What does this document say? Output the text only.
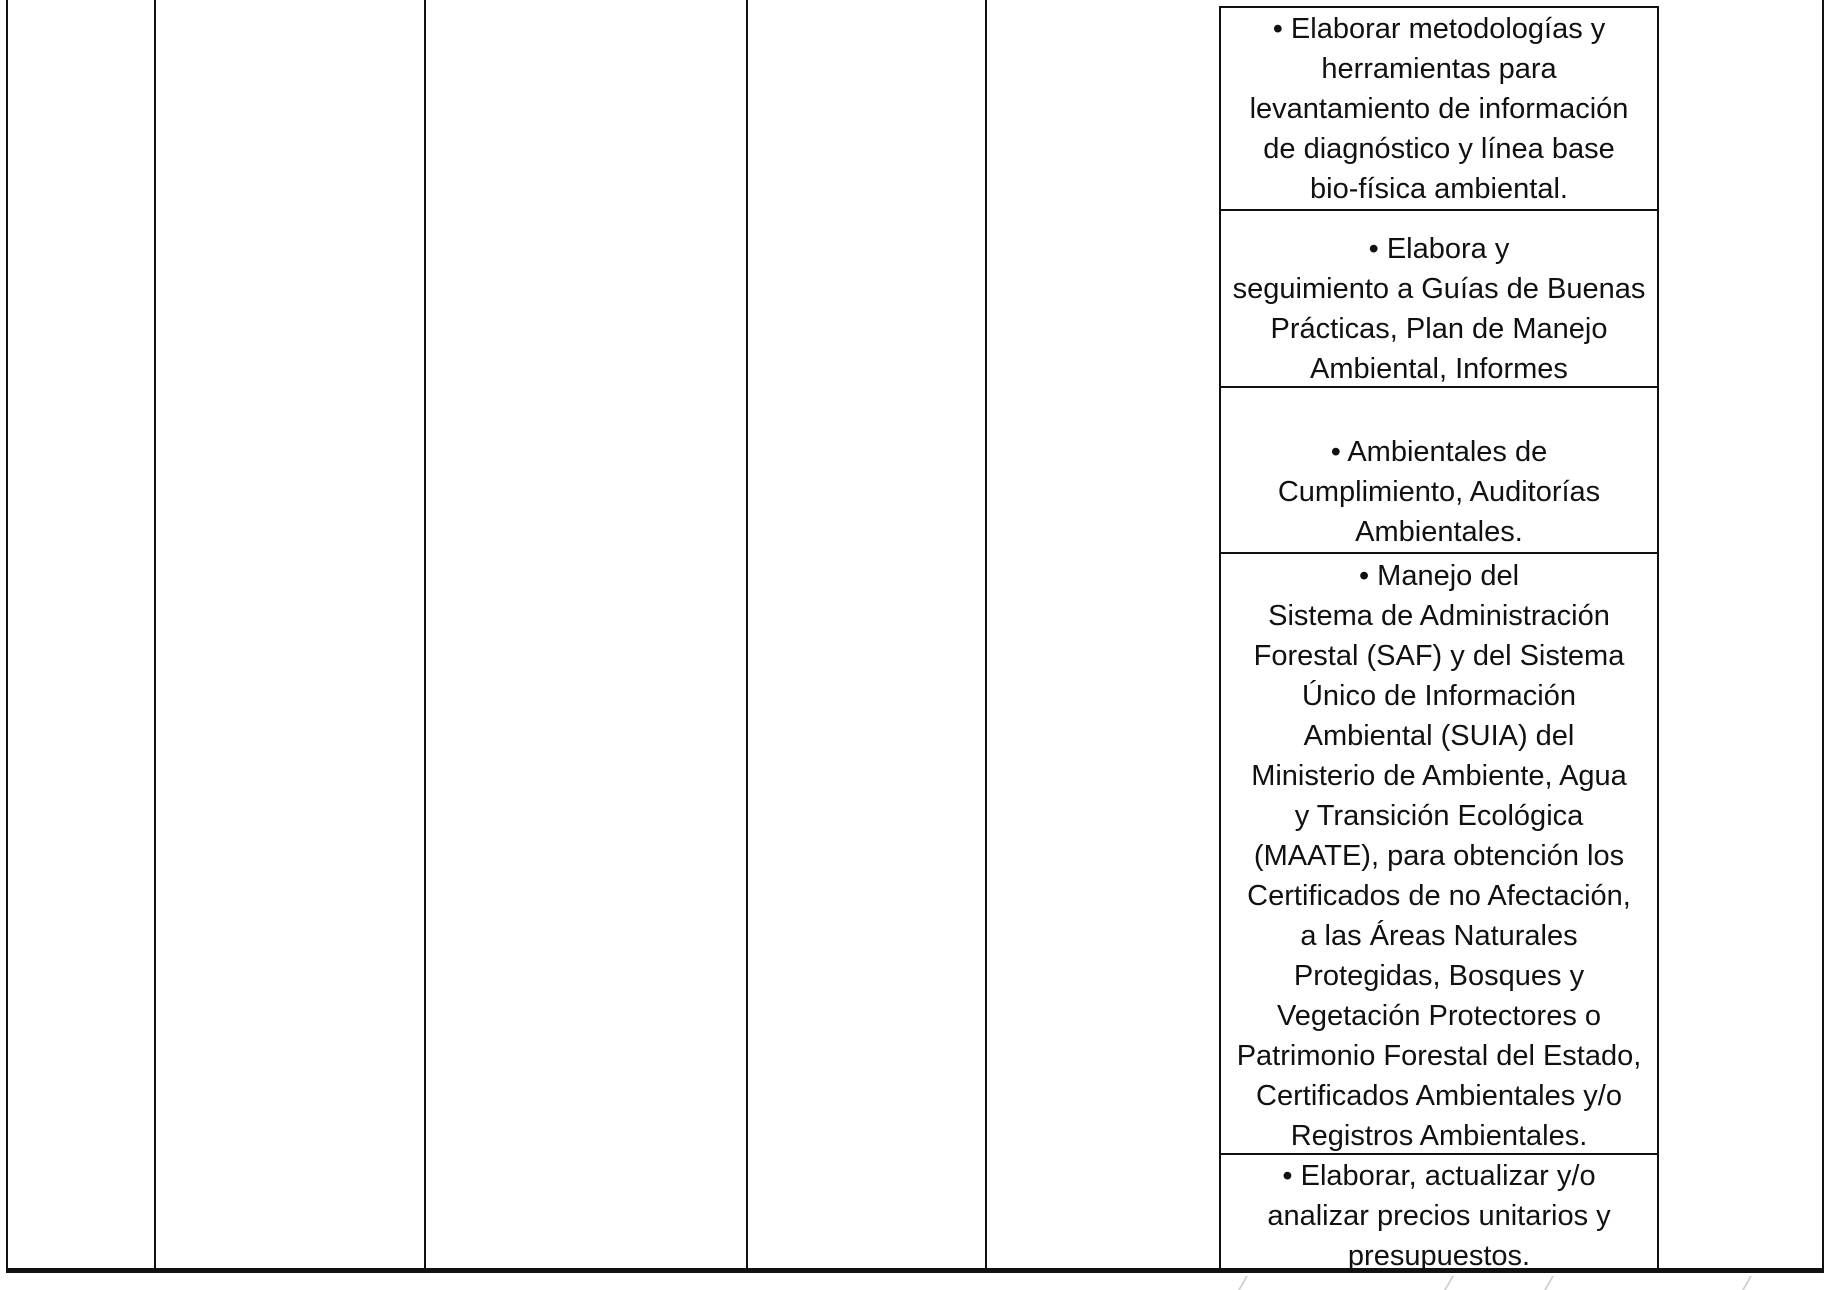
• Elaborar metodologías y
herramientas para
levantamiento de información
de diagnóstico y línea base
bio-física ambiental.
• Elabora y
seguimiento a Guías de Buenas
Prácticas, Plan de Manejo
Ambiental, Informes
• Ambientales de
Cumplimiento, Auditorías
Ambientales.
• Manejo del
Sistema de Administración
Forestal (SAF) y del Sistema
Único de Información
Ambiental (SUIA) del
Ministerio de Ambiente, Agua
y Transición Ecológica
(MAATE), para obtención los
Certificados de no Afectación,
a las Áreas Naturales
Protegidas, Bosques y
Vegetación Protectores o
Patrimonio Forestal del Estado,
Certificados Ambientales y/o
Registros Ambientales.
• Elaborar, actualizar y/o
analizar precios unitarios y
presupuestos.
